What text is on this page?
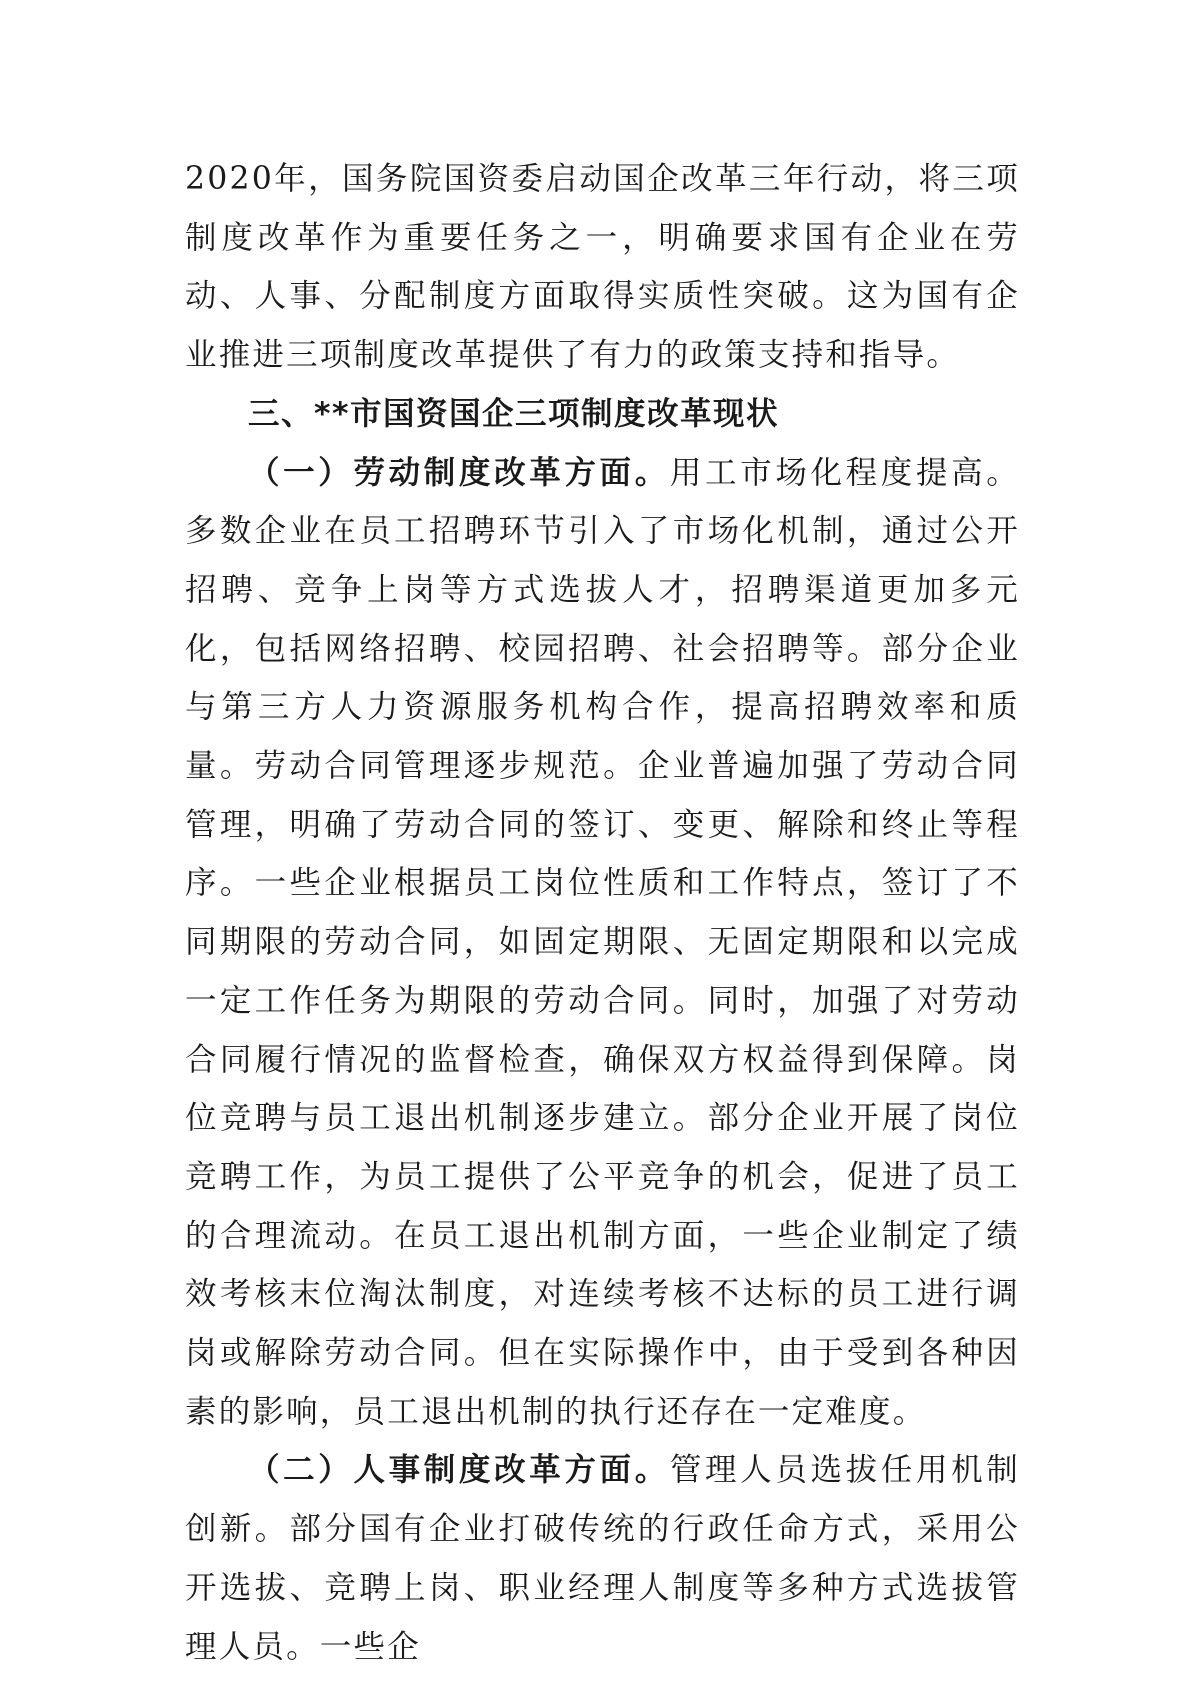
2020年，国务院国资委启动国企改革三年行动，将三项制度改革作为重要任务之一，明确要求国有企业在劳动、人事、分配制度方面取得实质性突破。这为国有企业推进三项制度改革提供了有力的政策支持和指导。

三、**市国资国企三项制度改革现状

（一）劳动制度改革方面。用工市场化程度提高。多数企业在员工招聘环节引入了市场化机制，通过公开招聘、竞争上岗等方式选拔人才，招聘渠道更加多元化，包括网络招聘、校园招聘、社会招聘等。部分企业与第三方人力资源服务机构合作，提高招聘效率和质量。劳动合同管理逐步规范。企业普遍加强了劳动合同管理，明确了劳动合同的签订、变更、解除和终止等程序。一些企业根据员工岗位性质和工作特点，签订了不同期限的劳动合同，如固定期限、无固定期限和以完成一定工作任务为期限的劳动合同。同时，加强了对劳动合同履行情况的监督检查，确保双方权益得到保障。岗位竞聘与员工退出机制逐步建立。部分企业开展了岗位竞聘工作，为员工提供了公平竞争的机会，促进了员工的合理流动。在员工退出机制方面，一些企业制定了绩效考核末位淘汰制度，对连续考核不达标的员工进行调岗或解除劳动合同。但在实际操作中，由于受到各种因素的影响，员工退出机制的执行还存在一定难度。

（二）人事制度改革方面。管理人员选拔任用机制创新。部分国有企业打破传统的行政任命方式，采用公开选拔、竞聘上岗、职业经理人制度等多种方式选拔管理人员。一些企
